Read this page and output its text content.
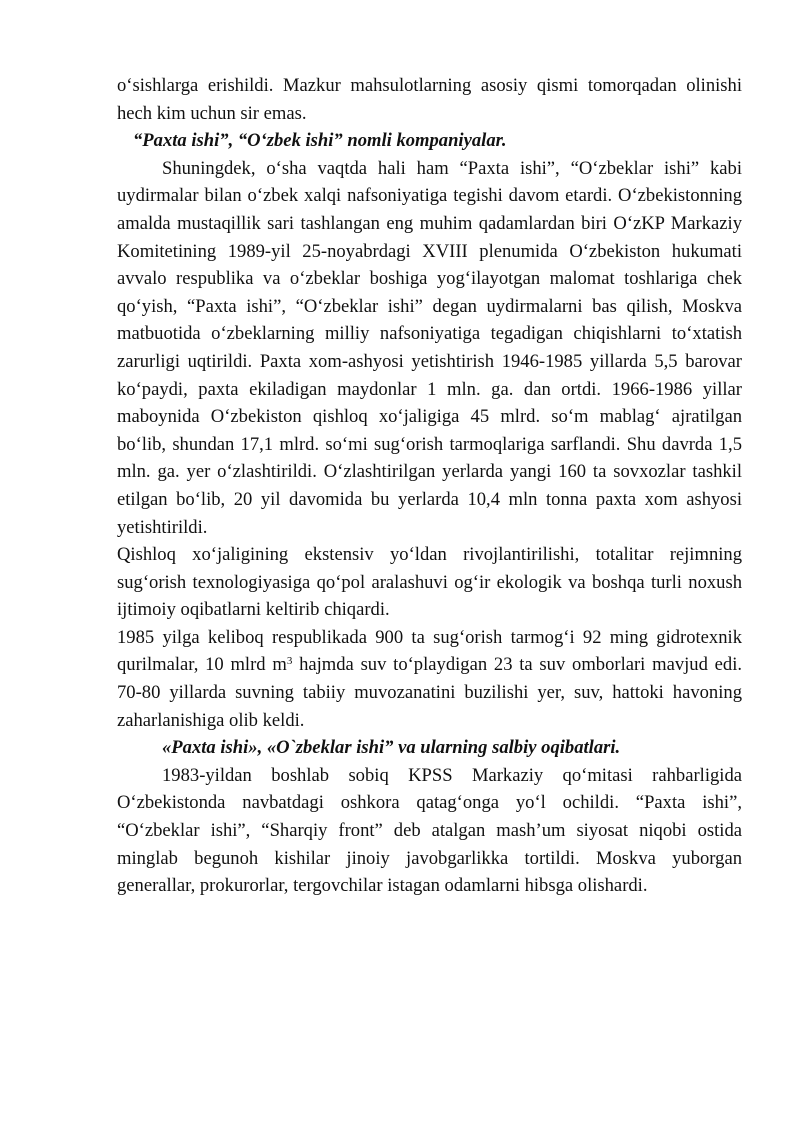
o‘sishlarga erishildi. Mazkur mahsulotlarning asosiy qismi tomorqadan olinishi hech kim uchun sir emas.

“Paxta ishi”, “O‘zbek ishi” nomli kompaniyalar.

Shuningdek, o‘sha vaqtda hali ham “Paxta ishi”, “O‘zbeklar ishi” kabi uydirmalar bilan o‘zbek xalqi nafsoniyatiga tegishi davom etardi. O‘zbekistonning amalda mustaqillik sari tashlangan eng muhim qadamlardan biri O‘zKP Markaziy Komitetining 1989-yil 25-noyabrdagi XVIII plenumida O‘zbekiston hukumati avvalo respublika va o‘zbeklar boshiga yog‘ilayotgan malomat toshlariga chek qo‘yish, “Paxta ishi”, “O‘zbeklar ishi” degan uydirmalarni bas qilish, Moskva matbuotida o‘zbeklarning milliy nafsoniyatiga tegadigan chiqishlarni to‘xtatish zarurligi uqtirildi. Paxta xom-ashyosi yetishtirish 1946-1985 yillarda 5,5 barovar ko‘paydi, paxta ekiladigan maydonlar 1 mln. ga. dan ortdi. 1966-1986 yillar maboynida O‘zbekiston qishloq xo‘jaligiga 45 mlrd. so‘m mablag‘ ajratilgan bo‘lib, shundan 17,1 mlrd. so‘mi sug‘orish tarmoqlariga sarflandi. Shu davrda 1,5 mln. ga. yer o‘zlashtirildi. O‘zlashtirilgan yerlarda yangi 160 ta sovxozlar tashkil etilgan bo‘lib, 20 yil davomida bu yerlarda 10,4 mln tonna paxta xom ashyosi yetishtirildi.

Qishloq xo‘jaligining ekstensiv yo‘ldan rivojlantirilishi, totalitar rejimning sug‘orish texnologiyasiga qo‘pol aralashuvi og‘ir ekologik va boshqa turli noxush ijtimoiy oqibatlarni keltirib chiqardi.

1985 yilga keliboq respublikada 900 ta sug‘orish tarmog‘i 92 ming gidrotexnik qurilmalar, 10 mlrd $m^3$ hajmda suv to‘playdigan 23 ta suv omborlari mavjud edi. 70-80 yillarda suvning tabiiy muvozanatini buzilishi yer, suv, hattoki havoning zaharlanishiga olib keldi.

«Paxta ishi», «O`zbeklar ishi” va ularning salbiy oqibatlari.

1983-yildan boshlab sobiq KPSS Markaziy qo‘mitasi rahbarligida O‘zbekistonda navbatdagi oshkora qatag‘onga yo‘l ochildi. “Paxta ishi”, “O‘zbeklar ishi”, “Sharqiy front” deb atalgan mash’um siyosat niqobi ostida minglab begunoh kishilar jinoiy javobgarlikka tortildi. Moskva yuborgan generallar, prokurorlar, tergovchilar istagan odamlarni hibsga olishardi.
